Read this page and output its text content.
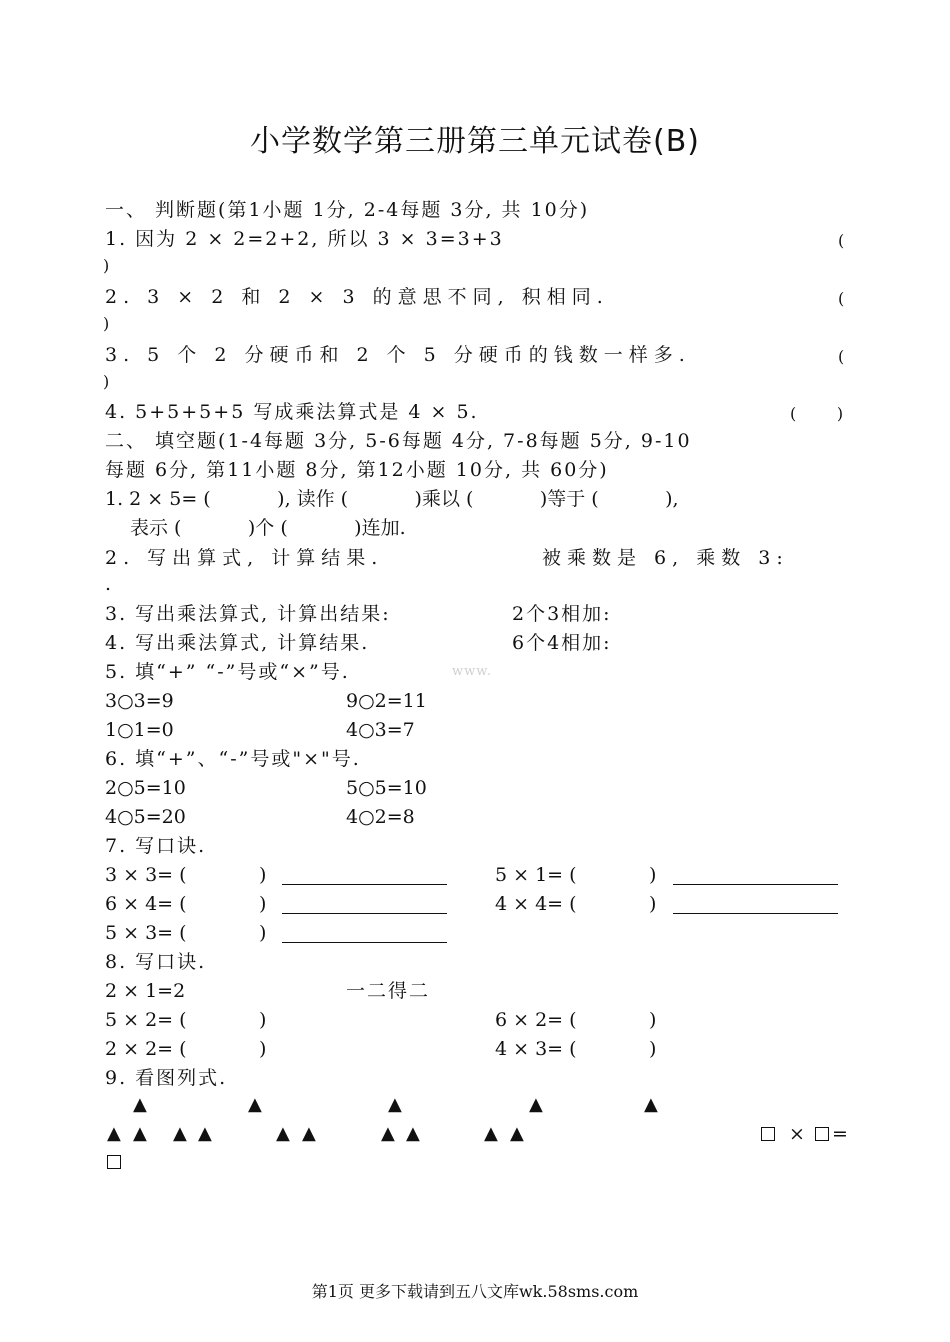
小学数学第三册第三单元试卷(B)
一、 判断题(第1小题 1分, 2-4每题 3分, 共 10分)
1. 因为 2 × 2=2+2, 所以 3 × 3=3+3	(
)
2. 3 × 2 和 2 × 3 的意思不同, 积相同.	(
)
3. 5 个 2 分硬币和 2 个 5 分硬币的钱数一样多.	(
)
4. 5+5+5+5 写成乘法算式是 4 × 5.	(        )
二、 填空题(1-4每题 3分, 5-6每题 4分, 7-8每题 5分, 9-10
每题 6分, 第11小题 8分, 第12小题 10分, 共 60分)
1. 2 × 5= (           ), 读作 (           )乘以 (           )等于 (           ),
表示 (           )个 (           )连加.
2. 写出算式, 计算结果.	被乘数是 6, 乘数 3:
.
3. 写出乘法算式, 计算出结果:	2个3相加:
4. 写出乘法算式, 计算结果.	6个4相加:
5. 填“+” “-”号或“×”号.	www.
3○3=9	9○2=11
1○1=0	4○3=7
6. 填“+”、“-”号或"×"号.
2○5=10	5○5=10
4○5=20	4○2=8
7. 写口诀.
3 × 3= (            )	5 × 1= (            )
6 × 4= (            )	4 × 4= (            )
5 × 3= (            )
8. 写口诀.
2 × 1=2	一二得二
5 × 2= (            )	6 × 2= (            )
2 × 2= (            )	4 × 3= (            )
9. 看图列式.
▲	▲	▲	▲	▲
▲ ▲ ▲ ▲	▲ ▲	▲ ▲	▲ ▲	× =
第1页 更多下载请到五八文库wk.58sms.com
